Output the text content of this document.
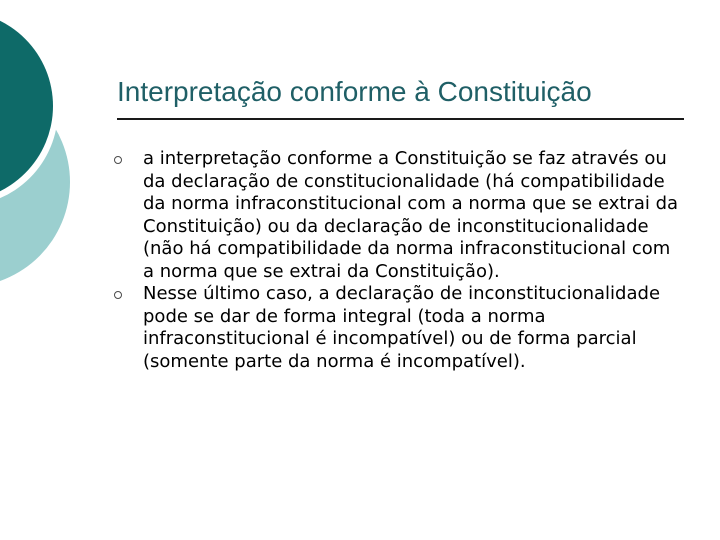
Interpretação conforme à Constituição
a interpretação conforme a Constituição se faz através ou da declaração de constitucionalidade (há compatibilidade da norma infraconstitucional com a norma que se extrai da Constituição) ou da declaração de inconstitucionalidade (não há compatibilidade da norma infraconstitucional com a norma que se extrai da Constituição).
Nesse último caso, a declaração de inconstitucionalidade pode se dar de forma integral (toda a norma infraconstitucional é incompatível) ou de forma parcial (somente parte da norma é incompatível).
